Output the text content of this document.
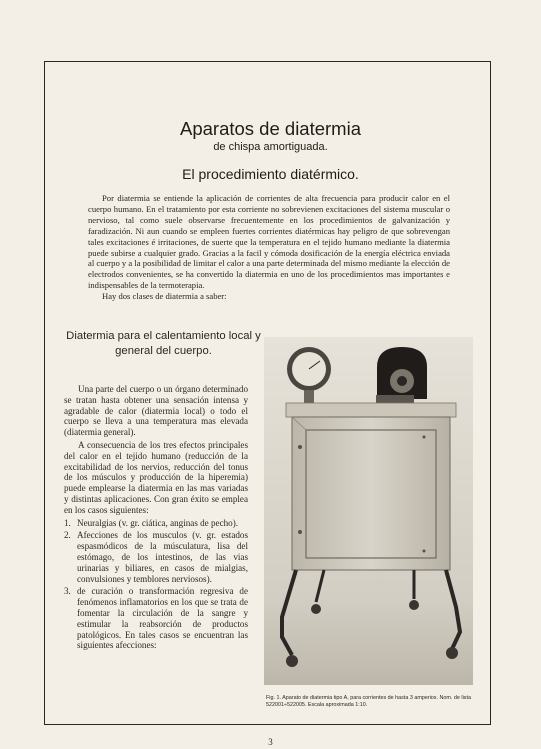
Aparatos de diatermia
de chispa amortiguada.
El procedimiento diatérmico.

Por diatermia se entiende la aplicación de corrientes de alta frecuencia para producir calor en el cuerpo humano. En el tratamiento por esta corriente no sobrevienen excitaciones del sistema muscular o nervioso, tal como suele observarse frecuentemente en los procedimientos de galvanización y faradización. Ni aun cuando se empleen fuertes corrientes diatérmicas hay peligro de que sobrevengan tales excitaciones é irritaciones, de suerte que la temperatura en el tejido humano mediante la diatermia puede subirse a cualquier grado. Gracias a la facil y cómoda dosificación de la energía eléctrica enviada al cuerpo y a la posibilidad de limitar el calor a una parte determinada del mismo mediante la elección de electrodos convenientes, se ha convertido la diatermia en uno de los procedimientos mas importantes e indispensables de la termoterapia.

Hay dos clases de diatermia a saber:

Diatermia para el calentamiento local y general del cuerpo.

Una parte del cuerpo o un órgano determinado se tratan hasta obtener una sensación intensa y agradable de calor (diatermia local) o todo el cuerpo se lleva a una temperatura mas elevada (diatermia general).

A consecuencia de los tres efectos principales del calor en el tejido humano (reducción de la excitabilidad de los nervios, reducción del tonus de los músculos y producción de la hiperemia) puede emplearse la diatermia en las mas variadas y distintas aplicaciones. Con gran éxito se emplea en los casos siguientes:

1. Neuralgias (v. gr. ciática, anginas de pecho).
2. Afecciones de los musculos (v. gr. estados espasmódicos de la músculatura, lisa del estómago, de los intestinos, de las vias urinarias y biliares, en casos de mialgias, convulsiones y temblores nerviosos).
3. de curación o transformación regresiva de fenómenos inflamatorios en los que se trata de fomentar la circulación de la sangre y estimular la reabsorción de productos patológicos. En tales casos se encuentran las siguientes afecciones:
Fig. 1. Aparato de diatermia tipo A, para corrientes de hasta 3 amperios. Nom. de lista 522001÷522005. Escala aproximada 1:10.
3
